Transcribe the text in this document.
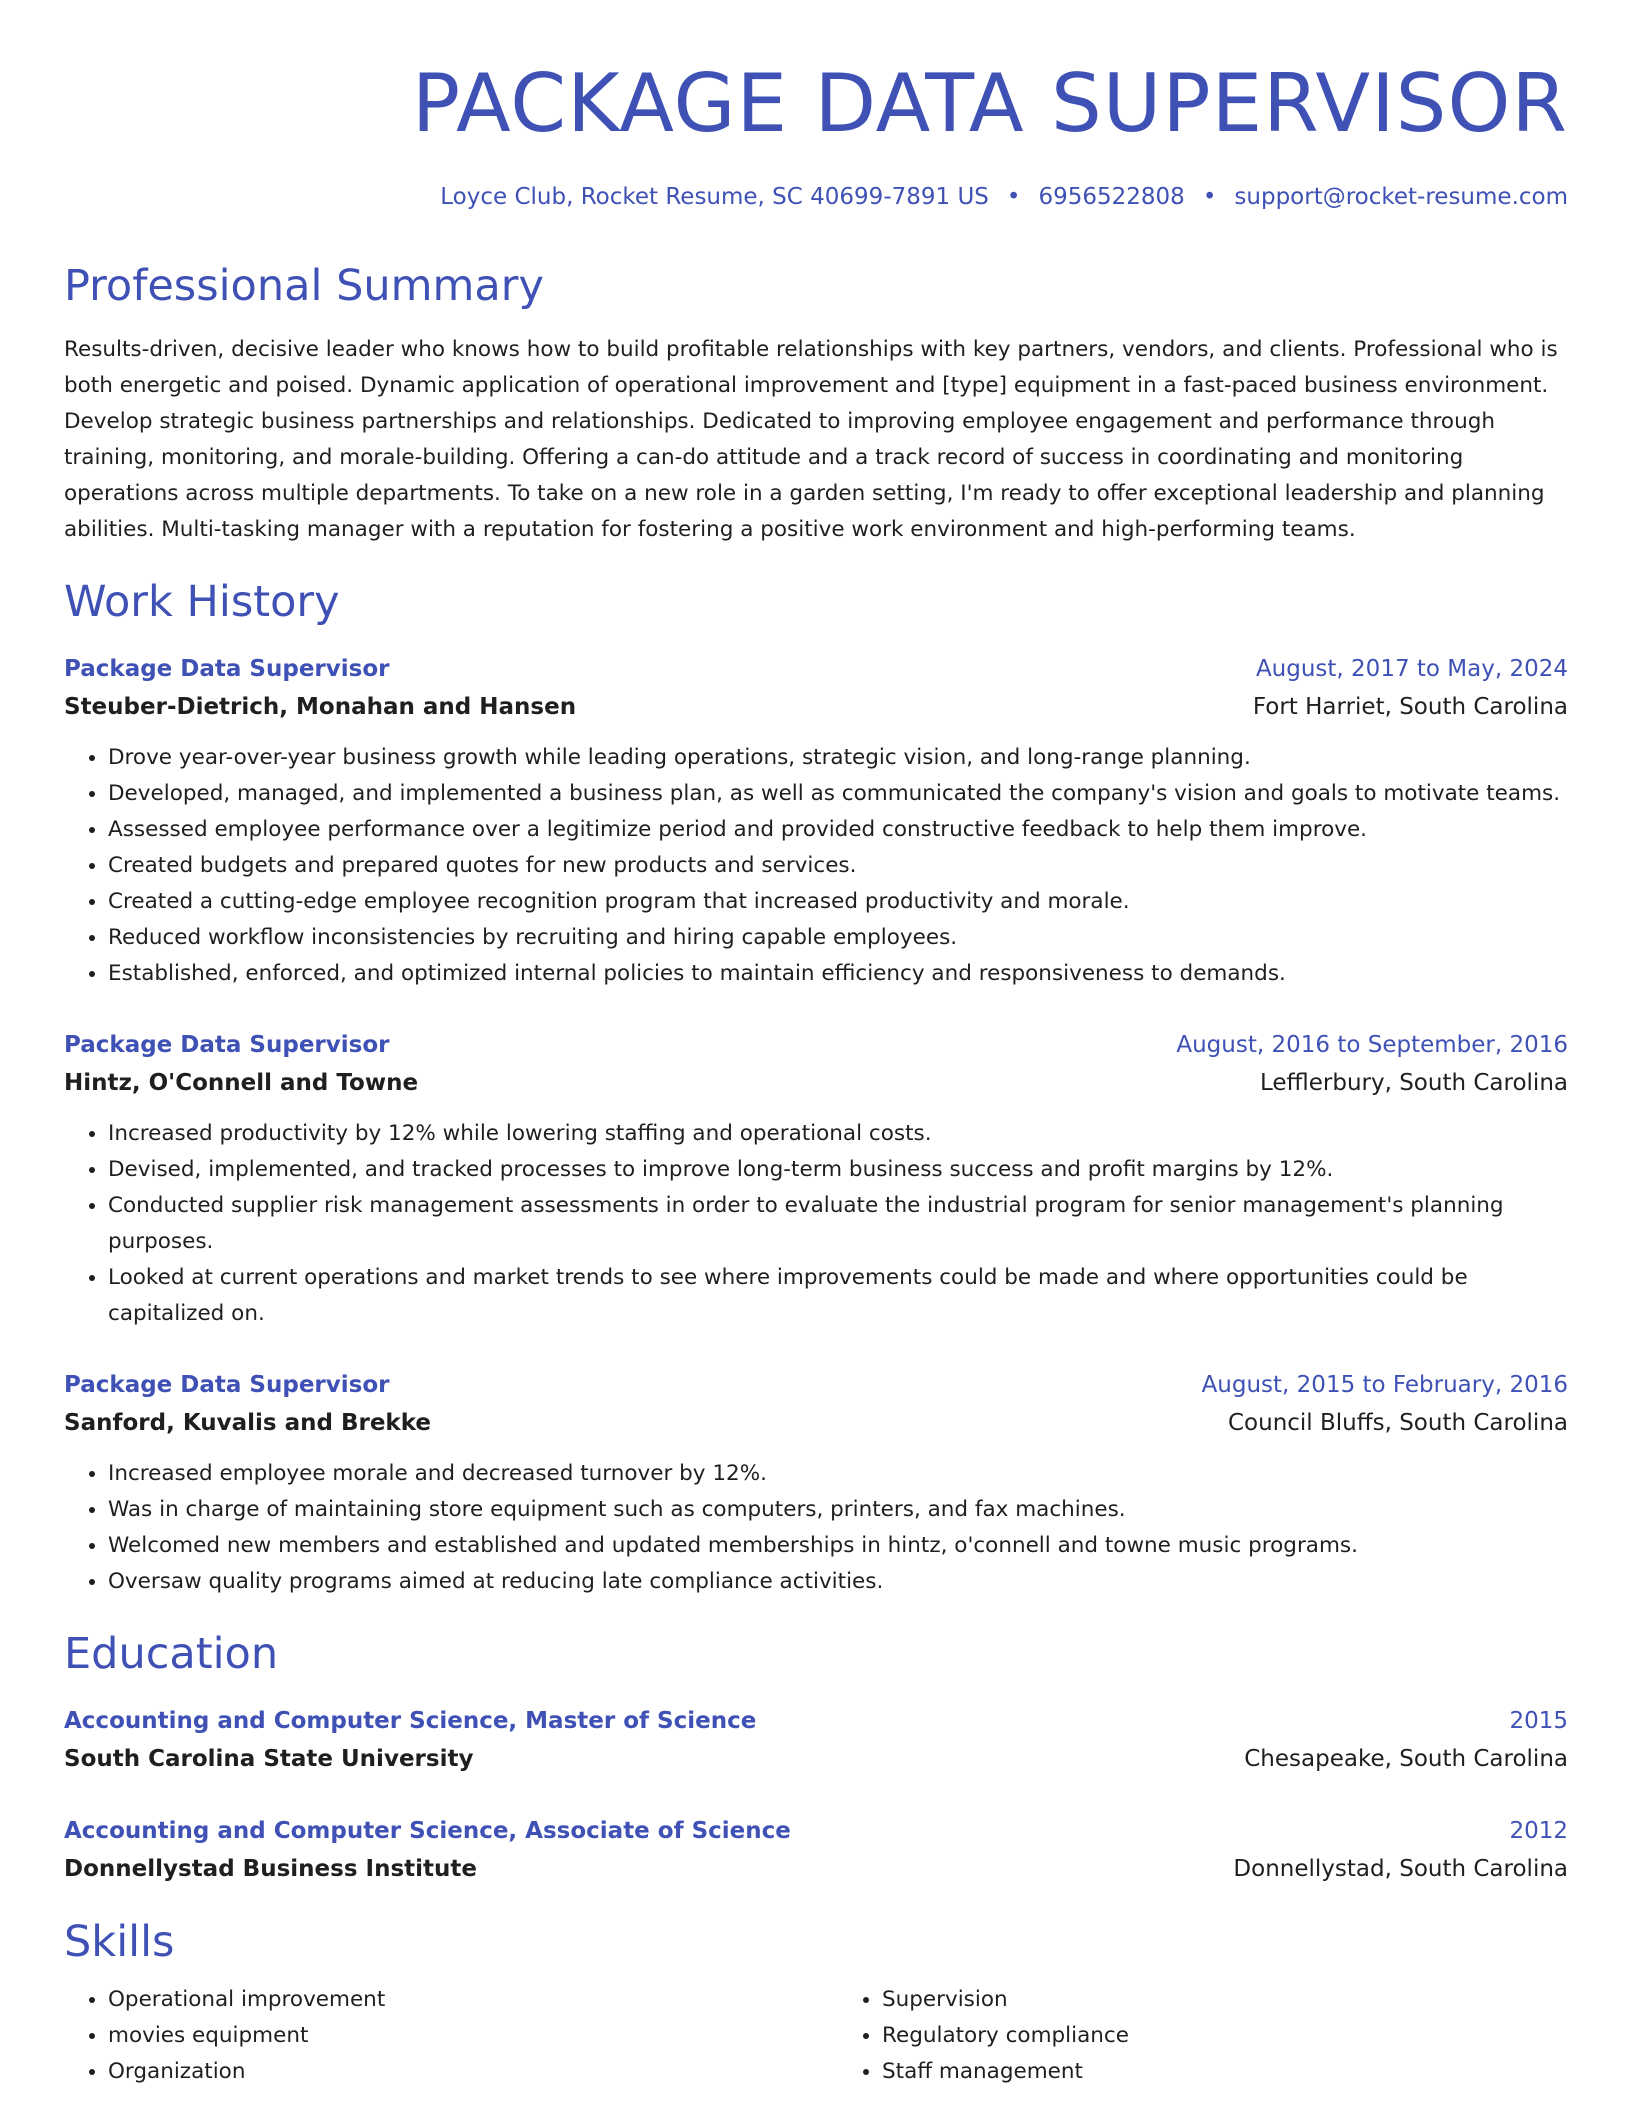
PACKAGE DATA SUPERVISOR
Loyce Club, Rocket Resume, SC 40699-7891 US • 6956522808 • support@rocket-resume.com
Professional Summary
Results-driven, decisive leader who knows how to build profitable relationships with key partners, vendors, and clients. Professional who is both energetic and poised. Dynamic application of operational improvement and [type] equipment in a fast-paced business environment. Develop strategic business partnerships and relationships. Dedicated to improving employee engagement and performance through training, monitoring, and morale-building. Offering a can-do attitude and a track record of success in coordinating and monitoring operations across multiple departments. To take on a new role in a garden setting, I'm ready to offer exceptional leadership and planning abilities. Multi-tasking manager with a reputation for fostering a positive work environment and high-performing teams.
Work History
Package Data Supervisor	August, 2017 to May, 2024
Steuber-Dietrich, Monahan and Hansen	Fort Harriet, South Carolina
• Drove year-over-year business growth while leading operations, strategic vision, and long-range planning.
• Developed, managed, and implemented a business plan, as well as communicated the company's vision and goals to motivate teams.
• Assessed employee performance over a legitimize period and provided constructive feedback to help them improve.
• Created budgets and prepared quotes for new products and services.
• Created a cutting-edge employee recognition program that increased productivity and morale.
• Reduced workflow inconsistencies by recruiting and hiring capable employees.
• Established, enforced, and optimized internal policies to maintain efficiency and responsiveness to demands.
Package Data Supervisor	August, 2016 to September, 2016
Hintz, O'Connell and Towne	Lefflerbury, South Carolina
• Increased productivity by 12% while lowering staffing and operational costs.
• Devised, implemented, and tracked processes to improve long-term business success and profit margins by 12%.
• Conducted supplier risk management assessments in order to evaluate the industrial program for senior management's planning purposes.
• Looked at current operations and market trends to see where improvements could be made and where opportunities could be capitalized on.
Package Data Supervisor	August, 2015 to February, 2016
Sanford, Kuvalis and Brekke	Council Bluffs, South Carolina
• Increased employee morale and decreased turnover by 12%.
• Was in charge of maintaining store equipment such as computers, printers, and fax machines.
• Welcomed new members and established and updated memberships in hintz, o'connell and towne music programs.
• Oversaw quality programs aimed at reducing late compliance activities.
Education
Accounting and Computer Science, Master of Science	2015
South Carolina State University	Chesapeake, South Carolina
Accounting and Computer Science, Associate of Science	2012
Donnellystad Business Institute	Donnellystad, South Carolina
Skills
• Operational improvement
• movies equipment
• Organization
• Supervision
• Regulatory compliance
• Staff management
